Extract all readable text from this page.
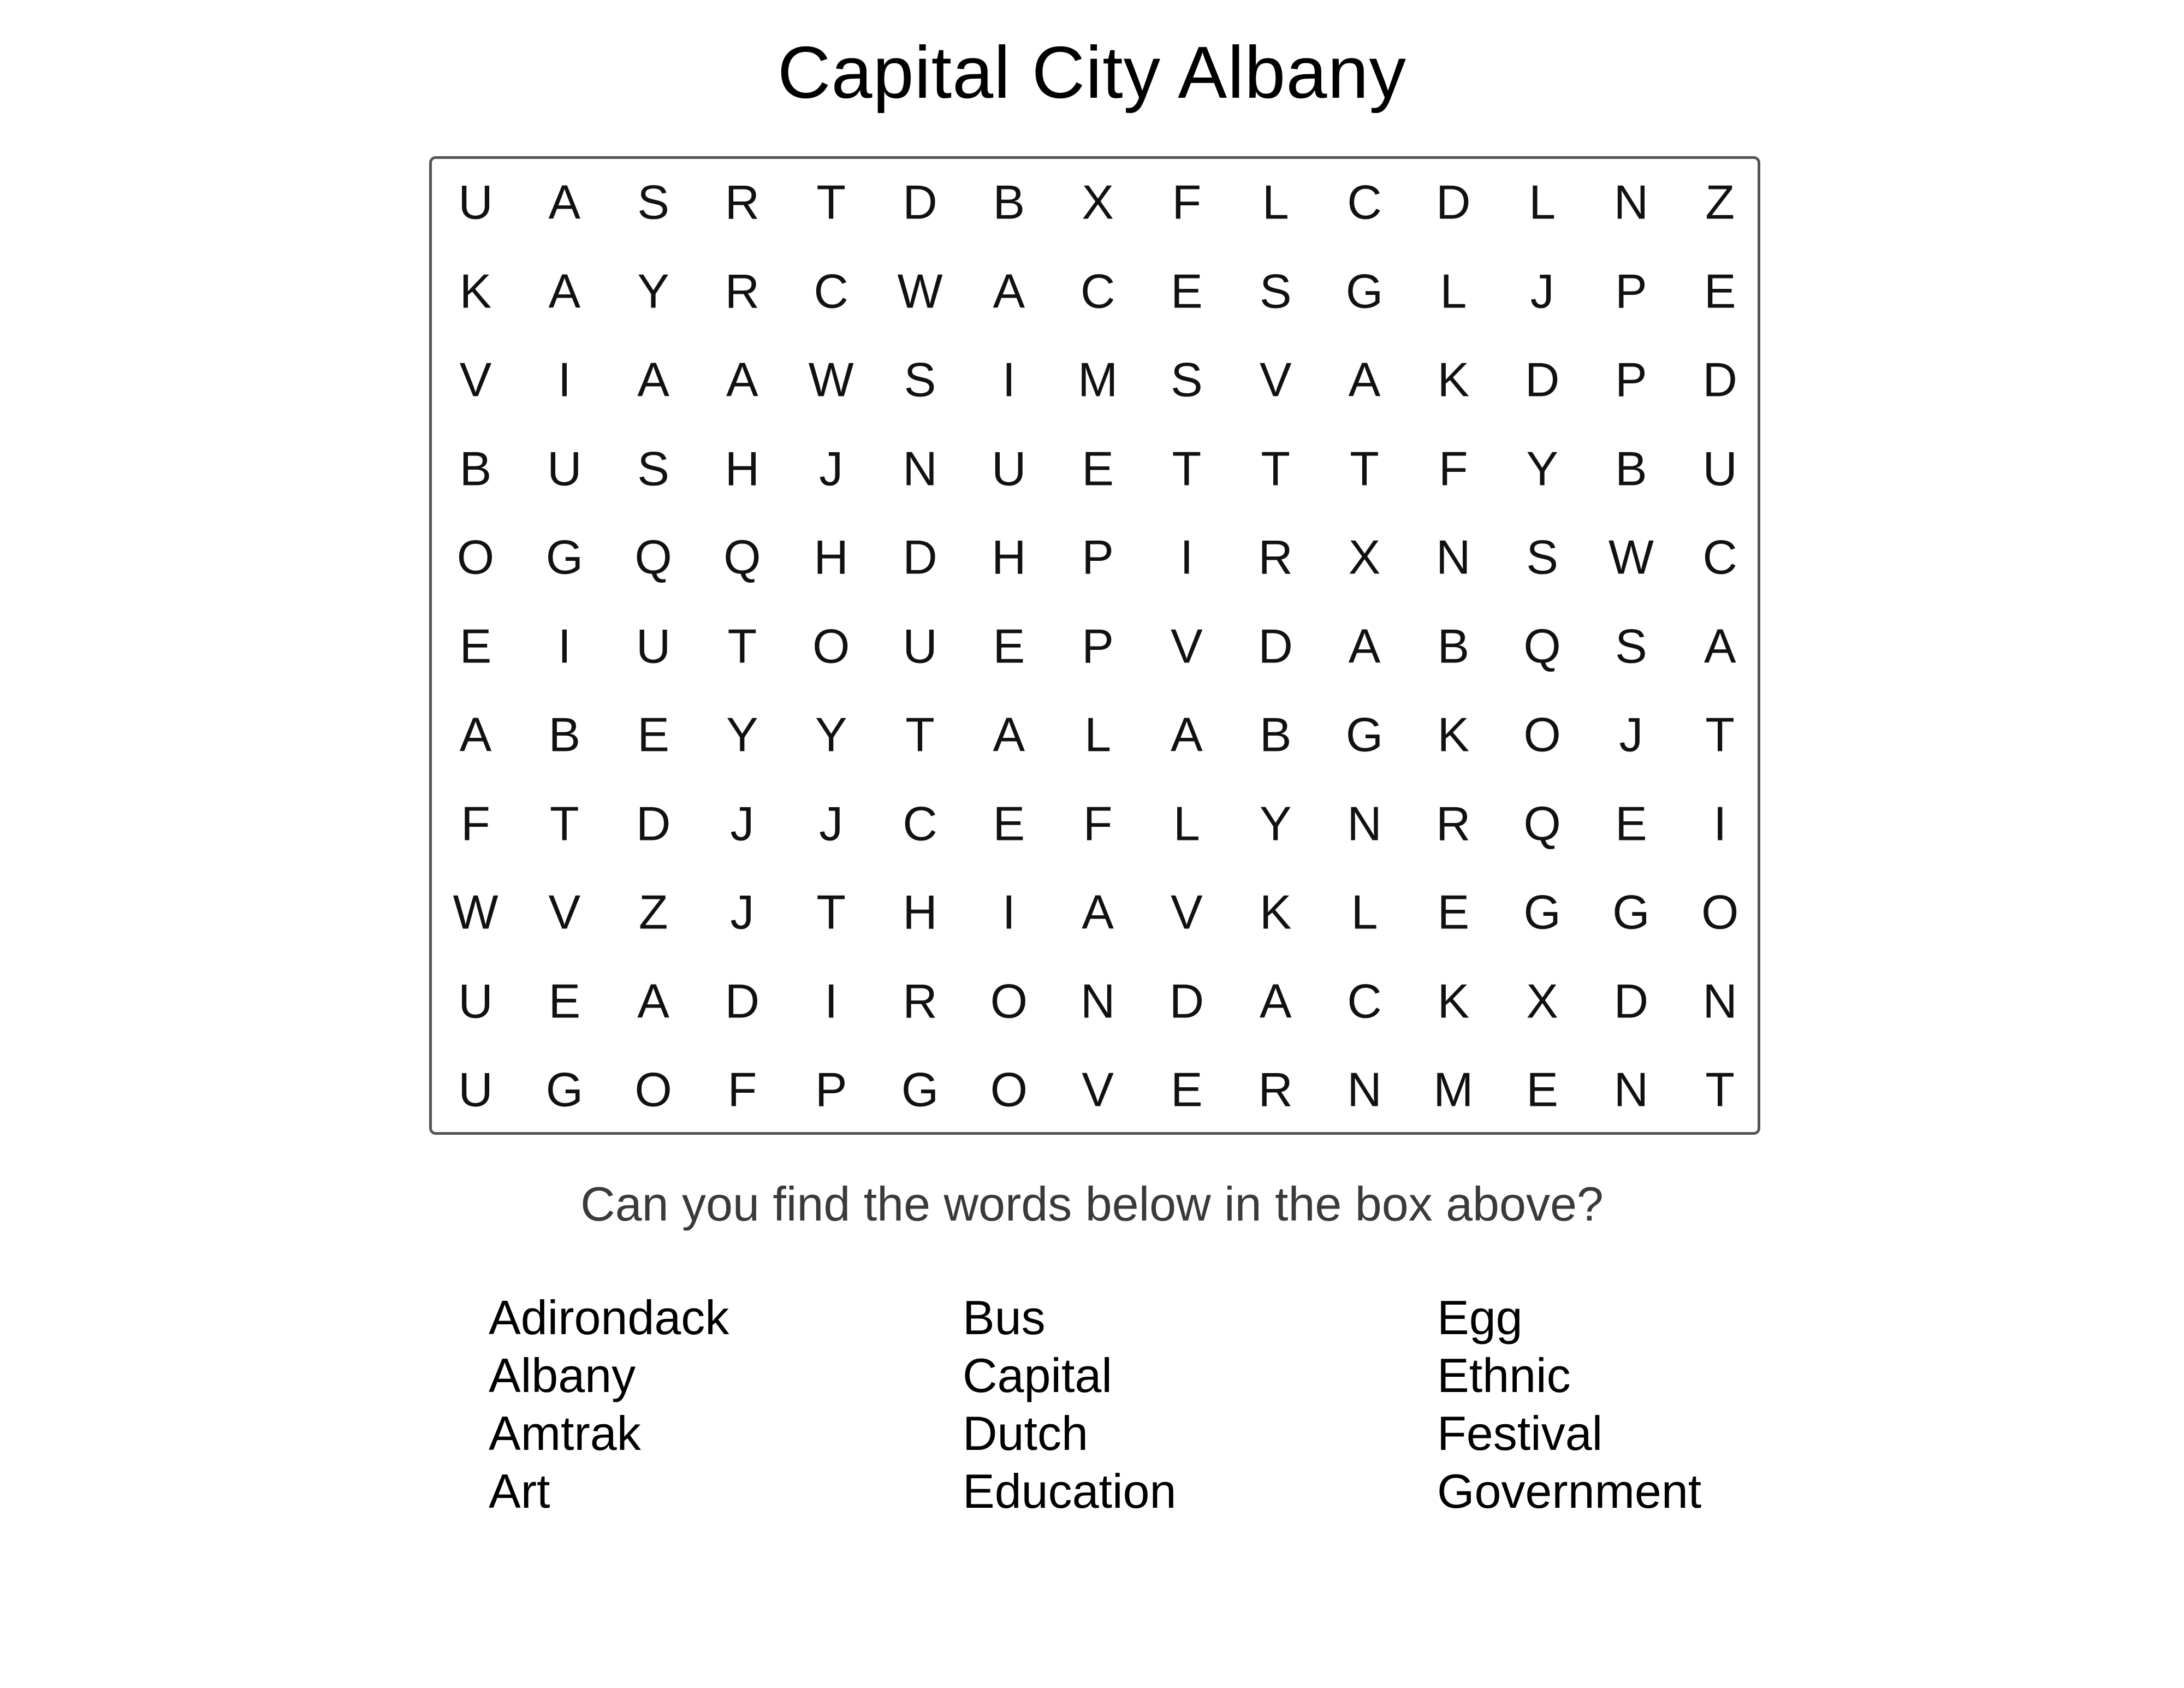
Capital City Albany
U	A	S	R	T	D	B	X	F	L	C	D	L	N	Z
K	A	Y	R	C	W	A	C	E	S	G	L	J	P	E
V	I	A	A	W	S	I	M	S	V	A	K	D	P	D
B	U	S	H	J	N	U	E	T	T	T	F	Y	B	U
O	G	Q	Q	H	D	H	P	I	R	X	N	S	W	C
E	I	U	T	O	U	E	P	V	D	A	B	Q	S	A
A	B	E	Y	Y	T	A	L	A	B	G	K	O	J	T
F	T	D	J	J	C	E	F	L	Y	N	R	Q	E	I
W	V	Z	J	T	H	I	A	V	K	L	E	G	G	O
U	E	A	D	I	R	O	N	D	A	C	K	X	D	N
U	G	O	F	P	G	O	V	E	R	N	M	E	N	T
Can you find the words below in the box above?
Adirondack
Albany
Amtrak
Art
Bus
Capital
Dutch
Education
Egg
Ethnic
Festival
Government
